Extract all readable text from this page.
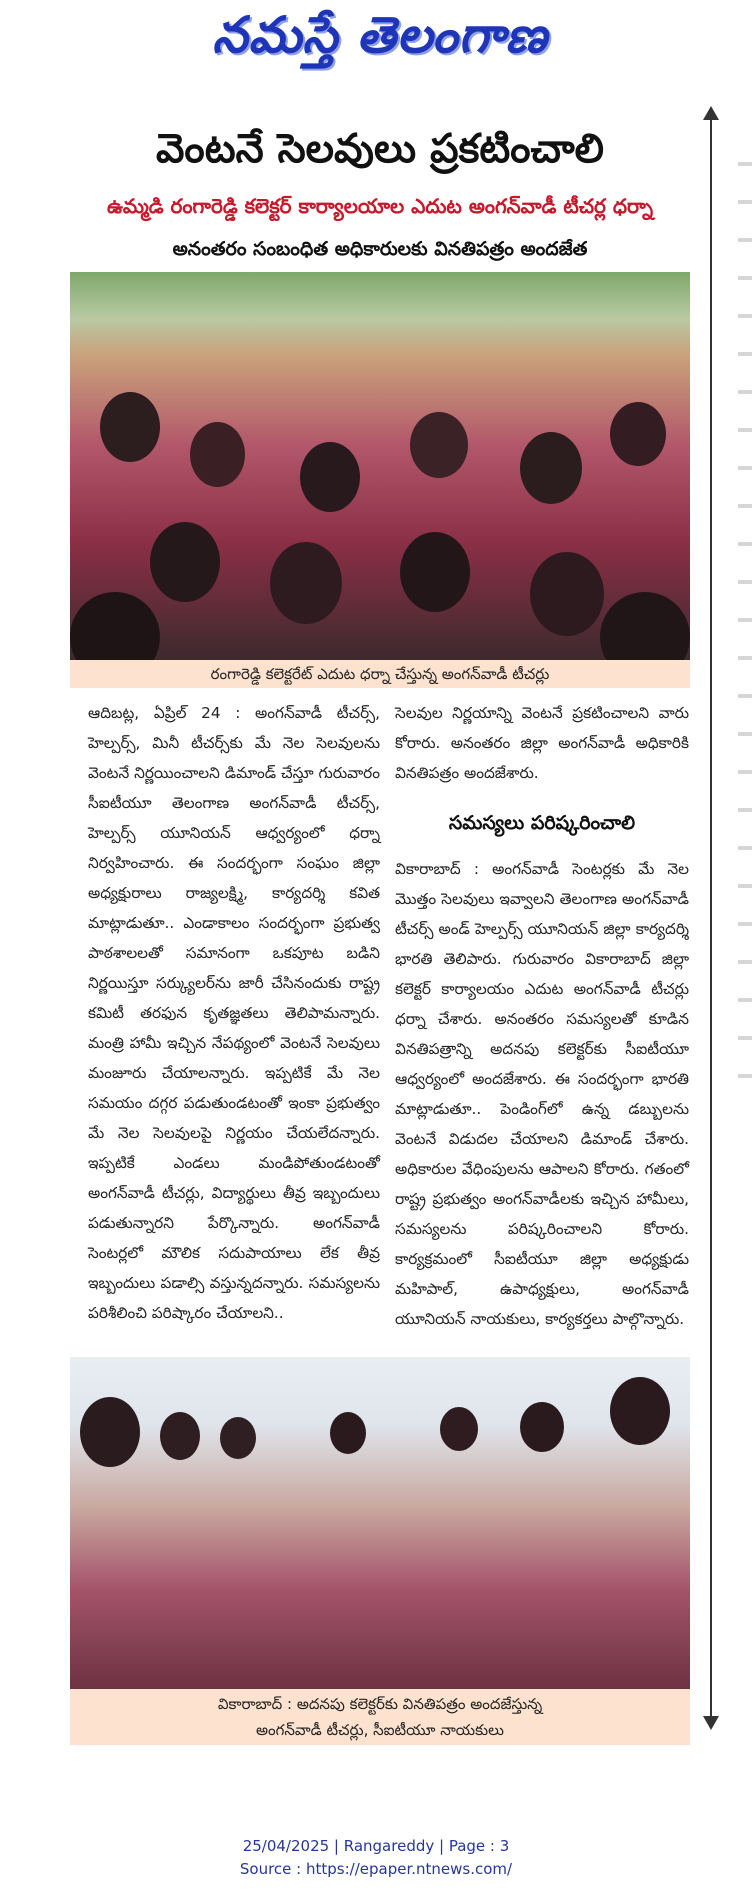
నమస్తే తెలంగాణ
వెంటనే సెలవులు ప్రకటించాలి
ఉమ్మడి రంగారెడ్డి కలెక్టర్ కార్యాలయాల ఎదుట అంగన్‌వాడీ టీచర్ల ధర్నా
అనంతరం సంబంధిత అధికారులకు వినతిపత్రం అందజేత
రంగారెడ్డి కలెక్టరేట్ ఎదుట ధర్నా చేస్తున్న అంగన్‌వాడీ టీచర్లు

ఆదిబట్ల, ఏప్రిల్ 24 : అంగన్‌వాడీ టీచర్స్, హెల్పర్స్, మినీ టీచర్స్‌కు మే నెల సెలవులను వెంటనే నిర్ణయించాలని డిమాండ్ చేస్తూ గురువారం సీఐటీయూ తెలంగాణ అంగన్‌వాడీ టీచర్స్, హెల్పర్స్ యూనియన్ ఆధ్వర్యంలో ధర్నా నిర్వహించారు. ఈ సందర్భంగా సంఘం జిల్లా అధ్యక్షురాలు రాజ్యలక్ష్మి, కార్యదర్శి కవిత మాట్లాడుతూ.. ఎండాకాలం సందర్భంగా ప్రభుత్వ పాఠశాలలతో సమానంగా ఒకపూట బడిని నిర్ణయిస్తూ సర్క్యులర్‌ను జారీ చేసినందుకు రాష్ట్ర కమిటీ తరఫున కృతజ్ఞతలు తెలిపామన్నారు. మంత్రి హామీ ఇచ్చిన నేపథ్యంలో వెంటనే సెలవులు మంజూరు చేయాలన్నారు. ఇప్పటికే మే నెల సమయం దగ్గర పడుతుండటంతో ఇంకా ప్రభుత్వం మే నెల సెలవులపై నిర్ణయం చేయలేదన్నారు. ఇప్పటికే ఎండలు మండిపోతుండటంతో అంగన్‌వాడీ టీచర్లు, విద్యార్థులు తీవ్ర ఇబ్బందులు పడుతున్నారని పేర్కొన్నారు. అంగన్‌వాడీ సెంటర్లలో మౌలిక సదుపాయాలు లేక తీవ్ర ఇబ్బందులు పడాల్సి వస్తున్నదన్నారు. సమస్యలను పరిశీలించి పరిష్కారం చేయాలని..

సెలవుల నిర్ణయాన్ని వెంటనే ప్రకటించాలని వారు కోరారు. అనంతరం జిల్లా అంగన్‌వాడీ అధికారికి వినతిపత్రం అందజేశారు.

సమస్యలు పరిష్కరించాలి

వికారాబాద్ : అంగన్‌వాడీ సెంటర్లకు మే నెల మొత్తం సెలవులు ఇవ్వాలని తెలంగాణ అంగన్‌వాడీ టీచర్స్ అండ్ హెల్పర్స్ యూనియన్ జిల్లా కార్యదర్శి భారతి తెలిపారు. గురువారం వికారాబాద్ జిల్లా కలెక్టర్ కార్యాలయం ఎదుట అంగన్‌వాడీ టీచర్లు ధర్నా చేశారు. అనంతరం సమస్యలతో కూడిన వినతిపత్రాన్ని అదనపు కలెక్టర్‌కు సీఐటీయూ ఆధ్వర్యంలో అందజేశారు. ఈ సందర్భంగా భారతి మాట్లాడుతూ.. పెండింగ్‌లో ఉన్న డబ్బులను వెంటనే విడుదల చేయాలని డిమాండ్ చేశారు. అధికారుల వేధింపులను ఆపాలని కోరారు. గతంలో రాష్ట్ర ప్రభుత్వం అంగన్‌వాడీలకు ఇచ్చిన హామీలు, సమస్యలను పరిష్కరించాలని కోరారు. కార్యక్రమంలో సీఐటీయూ జిల్లా అధ్యక్షుడు మహిపాల్, ఉపాధ్యక్షులు, అంగన్‌వాడీ యూనియన్ నాయకులు, కార్యకర్తలు పాల్గొన్నారు.

వికారాబాద్ : అదనపు కలెక్టర్‌కు వినతిపత్రం అందజేస్తున్న
అంగన్‌వాడీ టీచర్లు, సీఐటీయూ నాయకులు
25/04/2025 | Rangareddy | Page : 3
Source : https://epaper.ntnews.com/
